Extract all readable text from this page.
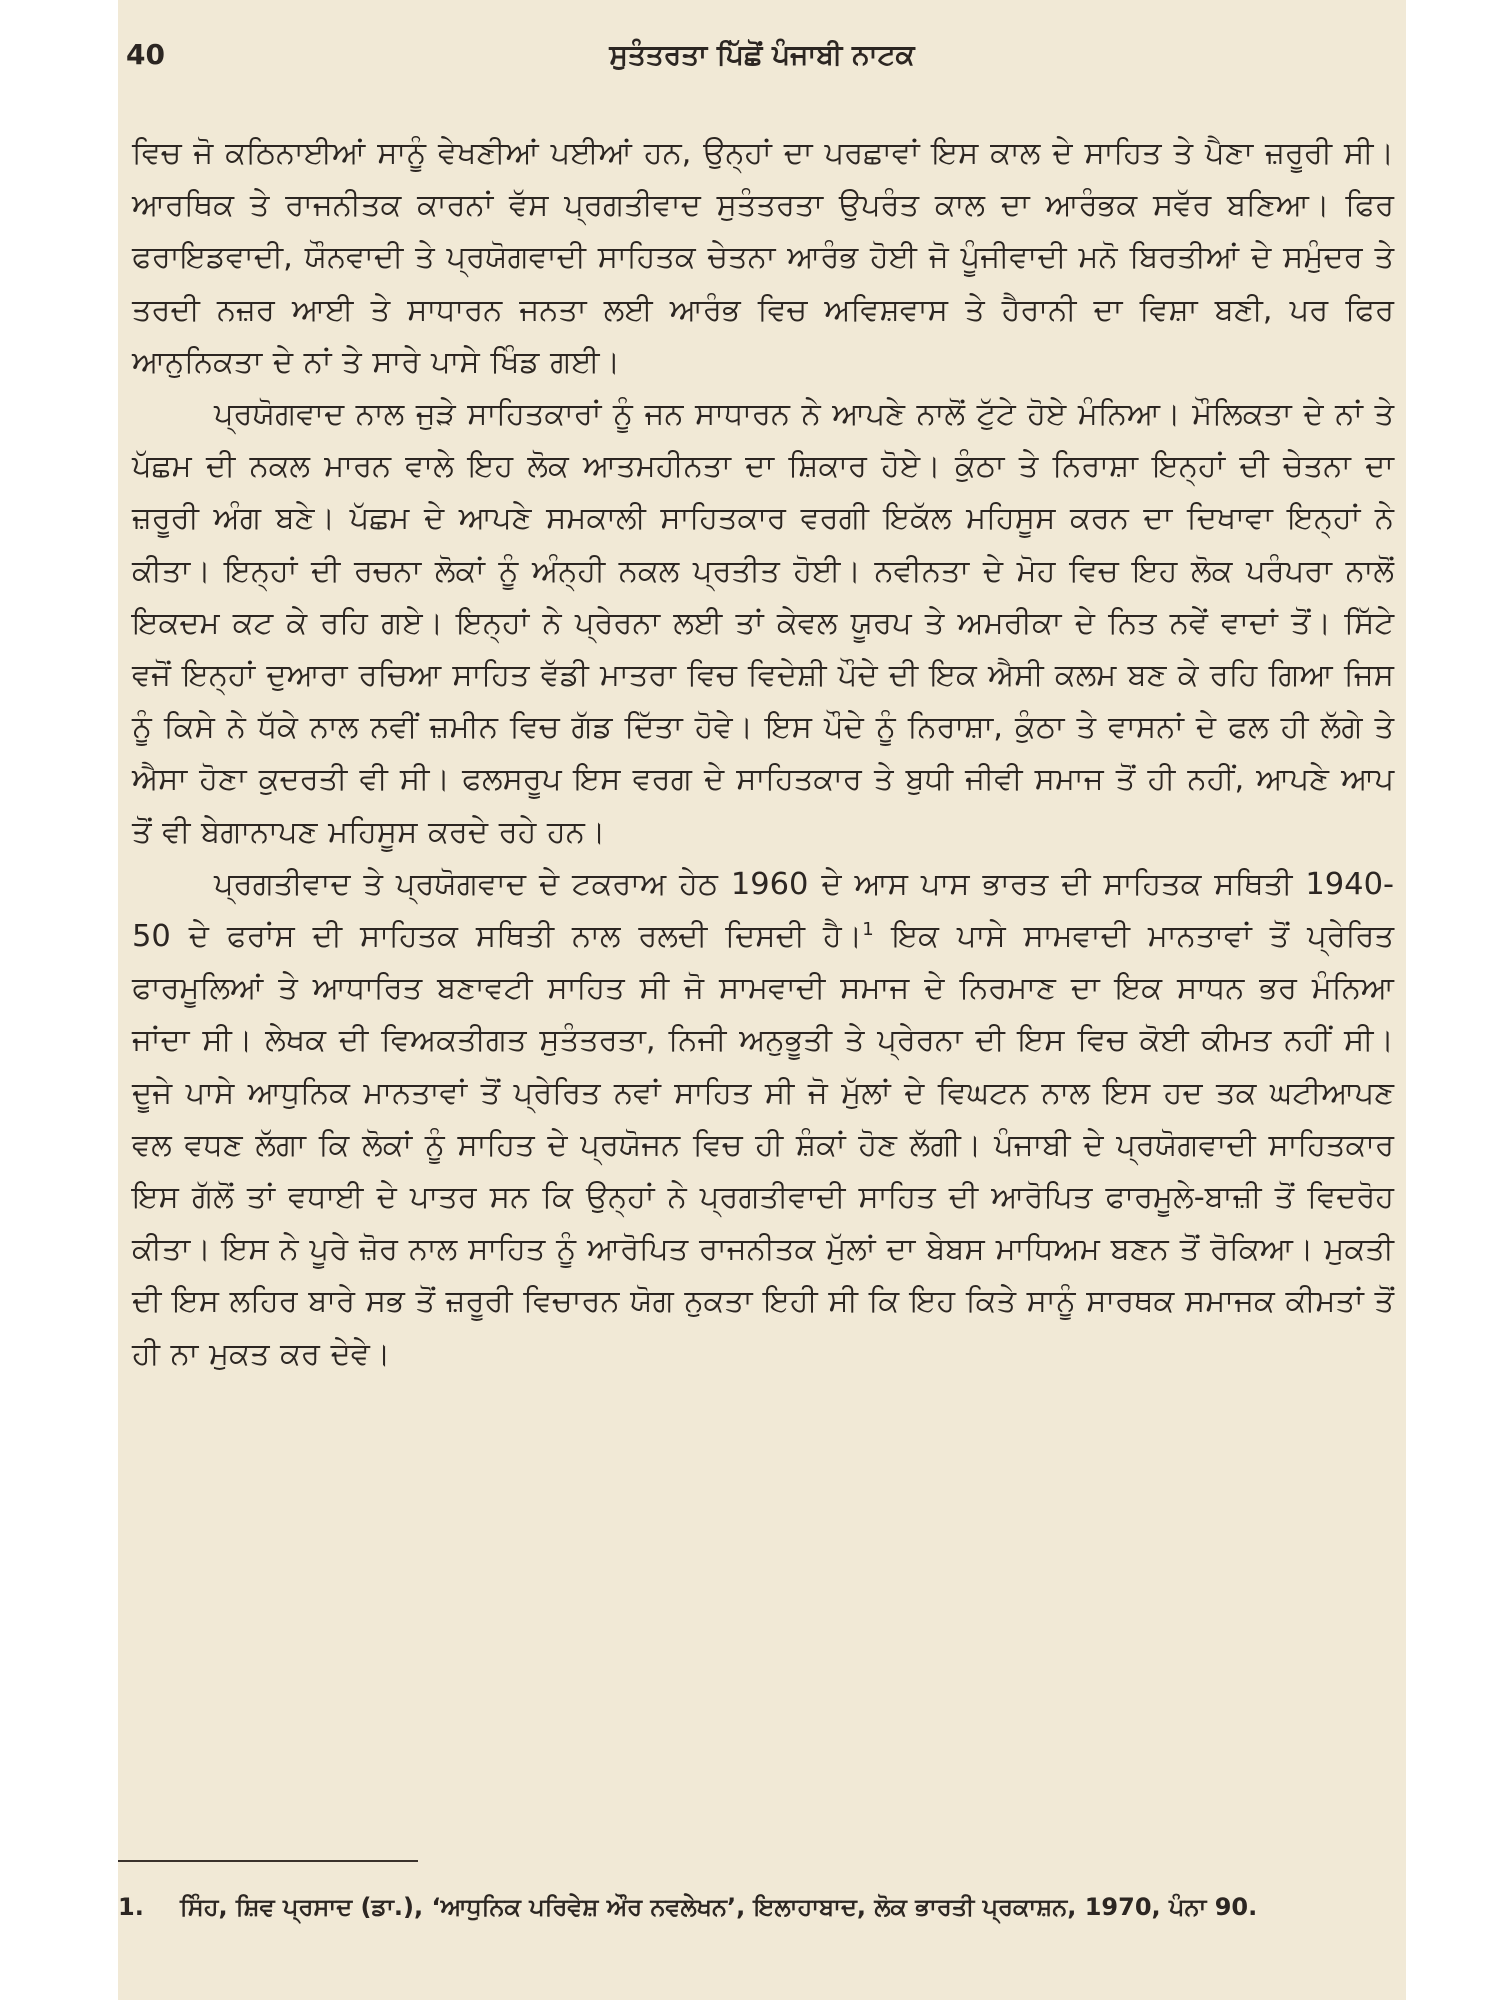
40	ਸੁਤੰਤਰਤਾ ਪਿੱਛੋਂ ਪੰਜਾਬੀ ਨਾਟਕ

ਵਿਚ ਜੋ ਕਠਿਨਾਈਆਂ ਸਾਨੂੰ ਵੇਖਣੀਆਂ ਪਈਆਂ ਹਨ, ਉਨ੍ਹਾਂ ਦਾ ਪਰਛਾਵਾਂ ਇਸ ਕਾਲ ਦੇ ਸਾਹਿਤ ਤੇ ਪੈਣਾ ਜ਼ਰੂਰੀ ਸੀ। ਆਰਥਿਕ ਤੇ ਰਾਜਨੀਤਕ ਕਾਰਨਾਂ ਵੱਸ ਪ੍ਰਗਤੀਵਾਦ ਸੁਤੰਤਰਤਾ ਉਪਰੰਤ ਕਾਲ ਦਾ ਆਰੰਭਕ ਸਵੱਰ ਬਣਿਆ। ਫਿਰ ਫਰਾਇਡਵਾਦੀ, ਯੌਨਵਾਦੀ ਤੇ ਪ੍ਰਯੋਗਵਾਦੀ ਸਾਹਿਤਕ ਚੇਤਨਾ ਆਰੰਭ ਹੋਈ ਜੋ ਪੂੰਜੀਵਾਦੀ ਮਨੋ ਬਿਰਤੀਆਂ ਦੇ ਸਮੁੰਦਰ ਤੇ ਤਰਦੀ ਨਜ਼ਰ ਆਈ ਤੇ ਸਾਧਾਰਨ ਜਨਤਾ ਲਈ ਆਰੰਭ ਵਿਚ ਅਵਿਸ਼ਵਾਸ ਤੇ ਹੈਰਾਨੀ ਦਾ ਵਿਸ਼ਾ ਬਣੀ, ਪਰ ਫਿਰ ਆਨੁਨਿਕਤਾ ਦੇ ਨਾਂ ਤੇ ਸਾਰੇ ਪਾਸੇ ਖਿੰਡ ਗਈ।

ਪ੍ਰਯੋਗਵਾਦ ਨਾਲ ਜੁੜੇ ਸਾਹਿਤਕਾਰਾਂ ਨੂੰ ਜਨ ਸਾਧਾਰਨ ਨੇ ਆਪਣੇ ਨਾਲੋਂ ਟੁੱਟੇ ਹੋਏ ਮੰਨਿਆ। ਮੌਲਿਕਤਾ ਦੇ ਨਾਂ ਤੇ ਪੱਛਮ ਦੀ ਨਕਲ ਮਾਰਨ ਵਾਲੇ ਇਹ ਲੋਕ ਆਤਮਹੀਨਤਾ ਦਾ ਸ਼ਿਕਾਰ ਹੋਏ। ਕੁੰਠਾ ਤੇ ਨਿਰਾਸ਼ਾ ਇਨ੍ਹਾਂ ਦੀ ਚੇਤਨਾ ਦਾ ਜ਼ਰੂਰੀ ਅੰਗ ਬਣੇ। ਪੱਛਮ ਦੇ ਆਪਣੇ ਸਮਕਾਲੀ ਸਾਹਿਤਕਾਰ ਵਰਗੀ ਇਕੱਲ ਮਹਿਸੂਸ ਕਰਨ ਦਾ ਦਿਖਾਵਾ ਇਨ੍ਹਾਂ ਨੇ ਕੀਤਾ। ਇਨ੍ਹਾਂ ਦੀ ਰਚਨਾ ਲੋਕਾਂ ਨੂੰ ਅੰਨ੍ਹੀ ਨਕਲ ਪ੍ਰਤੀਤ ਹੋਈ। ਨਵੀਨਤਾ ਦੇ ਮੋਹ ਵਿਚ ਇਹ ਲੋਕ ਪਰੰਪਰਾ ਨਾਲੋਂ ਇਕਦਮ ਕਟ ਕੇ ਰਹਿ ਗਏ। ਇਨ੍ਹਾਂ ਨੇ ਪ੍ਰੇਰਨਾ ਲਈ ਤਾਂ ਕੇਵਲ ਯੂਰਪ ਤੇ ਅਮਰੀਕਾ ਦੇ ਨਿਤ ਨਵੇਂ ਵਾਦਾਂ ਤੋਂ। ਸਿੱਟੇ ਵਜੋਂ ਇਨ੍ਹਾਂ ਦੁਆਰਾ ਰਚਿਆ ਸਾਹਿਤ ਵੱਡੀ ਮਾਤਰਾ ਵਿਚ ਵਿਦੇਸ਼ੀ ਪੌਦੇ ਦੀ ਇਕ ਐਸੀ ਕਲਮ ਬਣ ਕੇ ਰਹਿ ਗਿਆ ਜਿਸ ਨੂੰ ਕਿਸੇ ਨੇ ਧੱਕੇ ਨਾਲ ਨਵੀਂ ਜ਼ਮੀਨ ਵਿਚ ਗੱਡ ਦਿੱਤਾ ਹੋਵੇ। ਇਸ ਪੌਦੇ ਨੂੰ ਨਿਰਾਸ਼ਾ, ਕੁੰਠਾ ਤੇ ਵਾਸਨਾਂ ਦੇ ਫਲ ਹੀ ਲੱਗੇ ਤੇ ਐਸਾ ਹੋਣਾ ਕੁਦਰਤੀ ਵੀ ਸੀ। ਫਲਸਰੂਪ ਇਸ ਵਰਗ ਦੇ ਸਾਹਿਤਕਾਰ ਤੇ ਬੁਧੀ ਜੀਵੀ ਸਮਾਜ ਤੋਂ ਹੀ ਨਹੀਂ, ਆਪਣੇ ਆਪ ਤੋਂ ਵੀ ਬੇਗਾਨਾਪਣ ਮਹਿਸੂਸ ਕਰਦੇ ਰਹੇ ਹਨ।

ਪ੍ਰਗਤੀਵਾਦ ਤੇ ਪ੍ਰਯੋਗਵਾਦ ਦੇ ਟਕਰਾਅ ਹੇਠ 1960 ਦੇ ਆਸ ਪਾਸ ਭਾਰਤ ਦੀ ਸਾਹਿਤਕ ਸਥਿਤੀ 1940-50 ਦੇ ਫਰਾਂਸ ਦੀ ਸਾਹਿਤਕ ਸਥਿਤੀ ਨਾਲ ਰਲਦੀ ਦਿਸਦੀ ਹੈ।$^1$ ਇਕ ਪਾਸੇ ਸਾਮਵਾਦੀ ਮਾਨਤਾਵਾਂ ਤੋਂ ਪ੍ਰੇਰਿਤ ਫਾਰਮੂਲਿਆਂ ਤੇ ਆਧਾਰਿਤ ਬਣਾਵਟੀ ਸਾਹਿਤ ਸੀ ਜੋ ਸਾਮਵਾਦੀ ਸਮਾਜ ਦੇ ਨਿਰਮਾਣ ਦਾ ਇਕ ਸਾਧਨ ਭਰ ਮੰਨਿਆ ਜਾਂਦਾ ਸੀ। ਲੇਖਕ ਦੀ ਵਿਅਕਤੀਗਤ ਸੁਤੰਤਰਤਾ, ਨਿਜੀ ਅਨੁਭੂਤੀ ਤੇ ਪ੍ਰੇਰਨਾ ਦੀ ਇਸ ਵਿਚ ਕੋਈ ਕੀਮਤ ਨਹੀਂ ਸੀ। ਦੂਜੇ ਪਾਸੇ ਆਧੁਨਿਕ ਮਾਨਤਾਵਾਂ ਤੋਂ ਪ੍ਰੇਰਿਤ ਨਵਾਂ ਸਾਹਿਤ ਸੀ ਜੋ ਮੁੱਲਾਂ ਦੇ ਵਿਘਟਨ ਨਾਲ ਇਸ ਹਦ ਤਕ ਘਟੀਆਪਣ ਵਲ ਵਧਣ ਲੱਗਾ ਕਿ ਲੋਕਾਂ ਨੂੰ ਸਾਹਿਤ ਦੇ ਪ੍ਰਯੋਜਨ ਵਿਚ ਹੀ ਸ਼ੰਕਾਂ ਹੋਣ ਲੱਗੀ। ਪੰਜਾਬੀ ਦੇ ਪ੍ਰਯੋਗਵਾਦੀ ਸਾਹਿਤਕਾਰ ਇਸ ਗੱਲੋਂ ਤਾਂ ਵਧਾਈ ਦੇ ਪਾਤਰ ਸਨ ਕਿ ਉਨ੍ਹਾਂ ਨੇ ਪ੍ਰਗਤੀਵਾਦੀ ਸਾਹਿਤ ਦੀ ਆਰੋਪਿਤ ਫਾਰਮੂਲੇ-ਬਾਜ਼ੀ ਤੋਂ ਵਿਦਰੋਹ ਕੀਤਾ। ਇਸ ਨੇ ਪੂਰੇ ਜ਼ੋਰ ਨਾਲ ਸਾਹਿਤ ਨੂੰ ਆਰੋਪਿਤ ਰਾਜਨੀਤਕ ਮੁੱਲਾਂ ਦਾ ਬੇਬਸ ਮਾਧਿਅਮ ਬਣਨ ਤੋਂ ਰੋਕਿਆ। ਮੁਕਤੀ ਦੀ ਇਸ ਲਹਿਰ ਬਾਰੇ ਸਭ ਤੋਂ ਜ਼ਰੂਰੀ ਵਿਚਾਰਨ ਯੋਗ ਨੁਕਤਾ ਇਹੀ ਸੀ ਕਿ ਇਹ ਕਿਤੇ ਸਾਨੂੰ ਸਾਰਥਕ ਸਮਾਜਕ ਕੀਮਤਾਂ ਤੋਂ ਹੀ ਨਾ ਮੁਕਤ ਕਰ ਦੇਵੇ।

1. ਸਿੰਹ, ਸ਼ਿਵ ਪ੍ਰਸਾਦ (ਡਾ.), ‘ਆਧੁਨਿਕ ਪਰਿਵੇਸ਼ ਔਰ ਨਵਲੇਖਨ’, ਇਲਾਹਾਬਾਦ, ਲੋਕ ਭਾਰਤੀ ਪ੍ਰਕਾਸ਼ਨ, 1970, ਪੰਨਾ 90.
